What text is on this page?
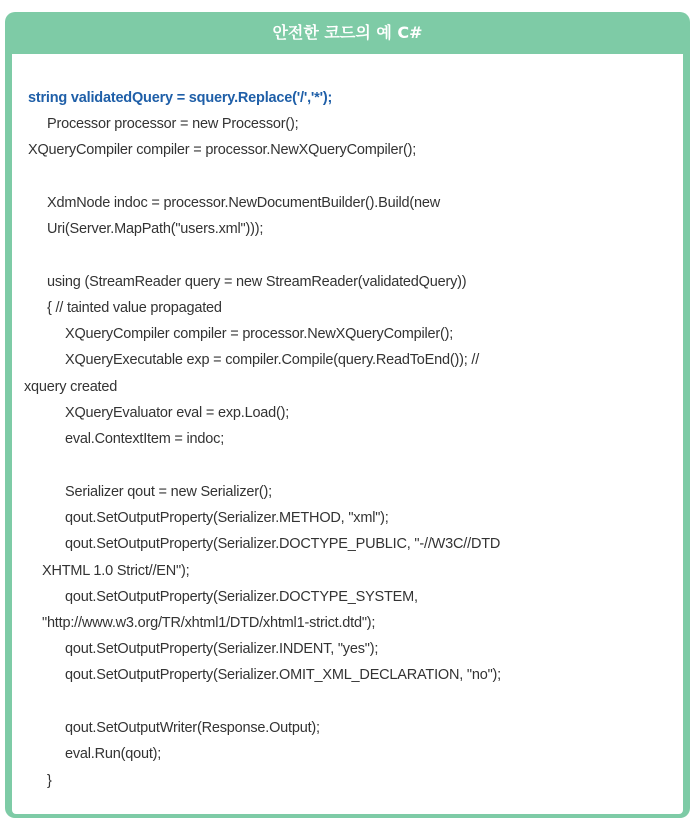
안전한 코드의 예 C#
string validatedQuery = squery.Replace('/','*');
Processor processor = new Processor();
XQueryCompiler compiler = processor.NewXQueryCompiler();
XdmNode indoc = processor.NewDocumentBuilder().Build(new
Uri(Server.MapPath("users.xml")));
using (StreamReader query = new StreamReader(validatedQuery))
{ // tainted value propagated
XQueryCompiler compiler = processor.NewXQueryCompiler();
XQueryExecutable exp = compiler.Compile(query.ReadToEnd()); //
xquery created
XQueryEvaluator eval = exp.Load();
eval.ContextItem = indoc;
Serializer qout = new Serializer();
qout.SetOutputProperty(Serializer.METHOD, "xml");
qout.SetOutputProperty(Serializer.DOCTYPE_PUBLIC, "-//W3C//DTD
XHTML 1.0 Strict//EN");
qout.SetOutputProperty(Serializer.DOCTYPE_SYSTEM,
"http://www.w3.org/TR/xhtml1/DTD/xhtml1-strict.dtd");
qout.SetOutputProperty(Serializer.INDENT, "yes");
qout.SetOutputProperty(Serializer.OMIT_XML_DECLARATION, "no");
qout.SetOutputWriter(Response.Output);
eval.Run(qout);
}
